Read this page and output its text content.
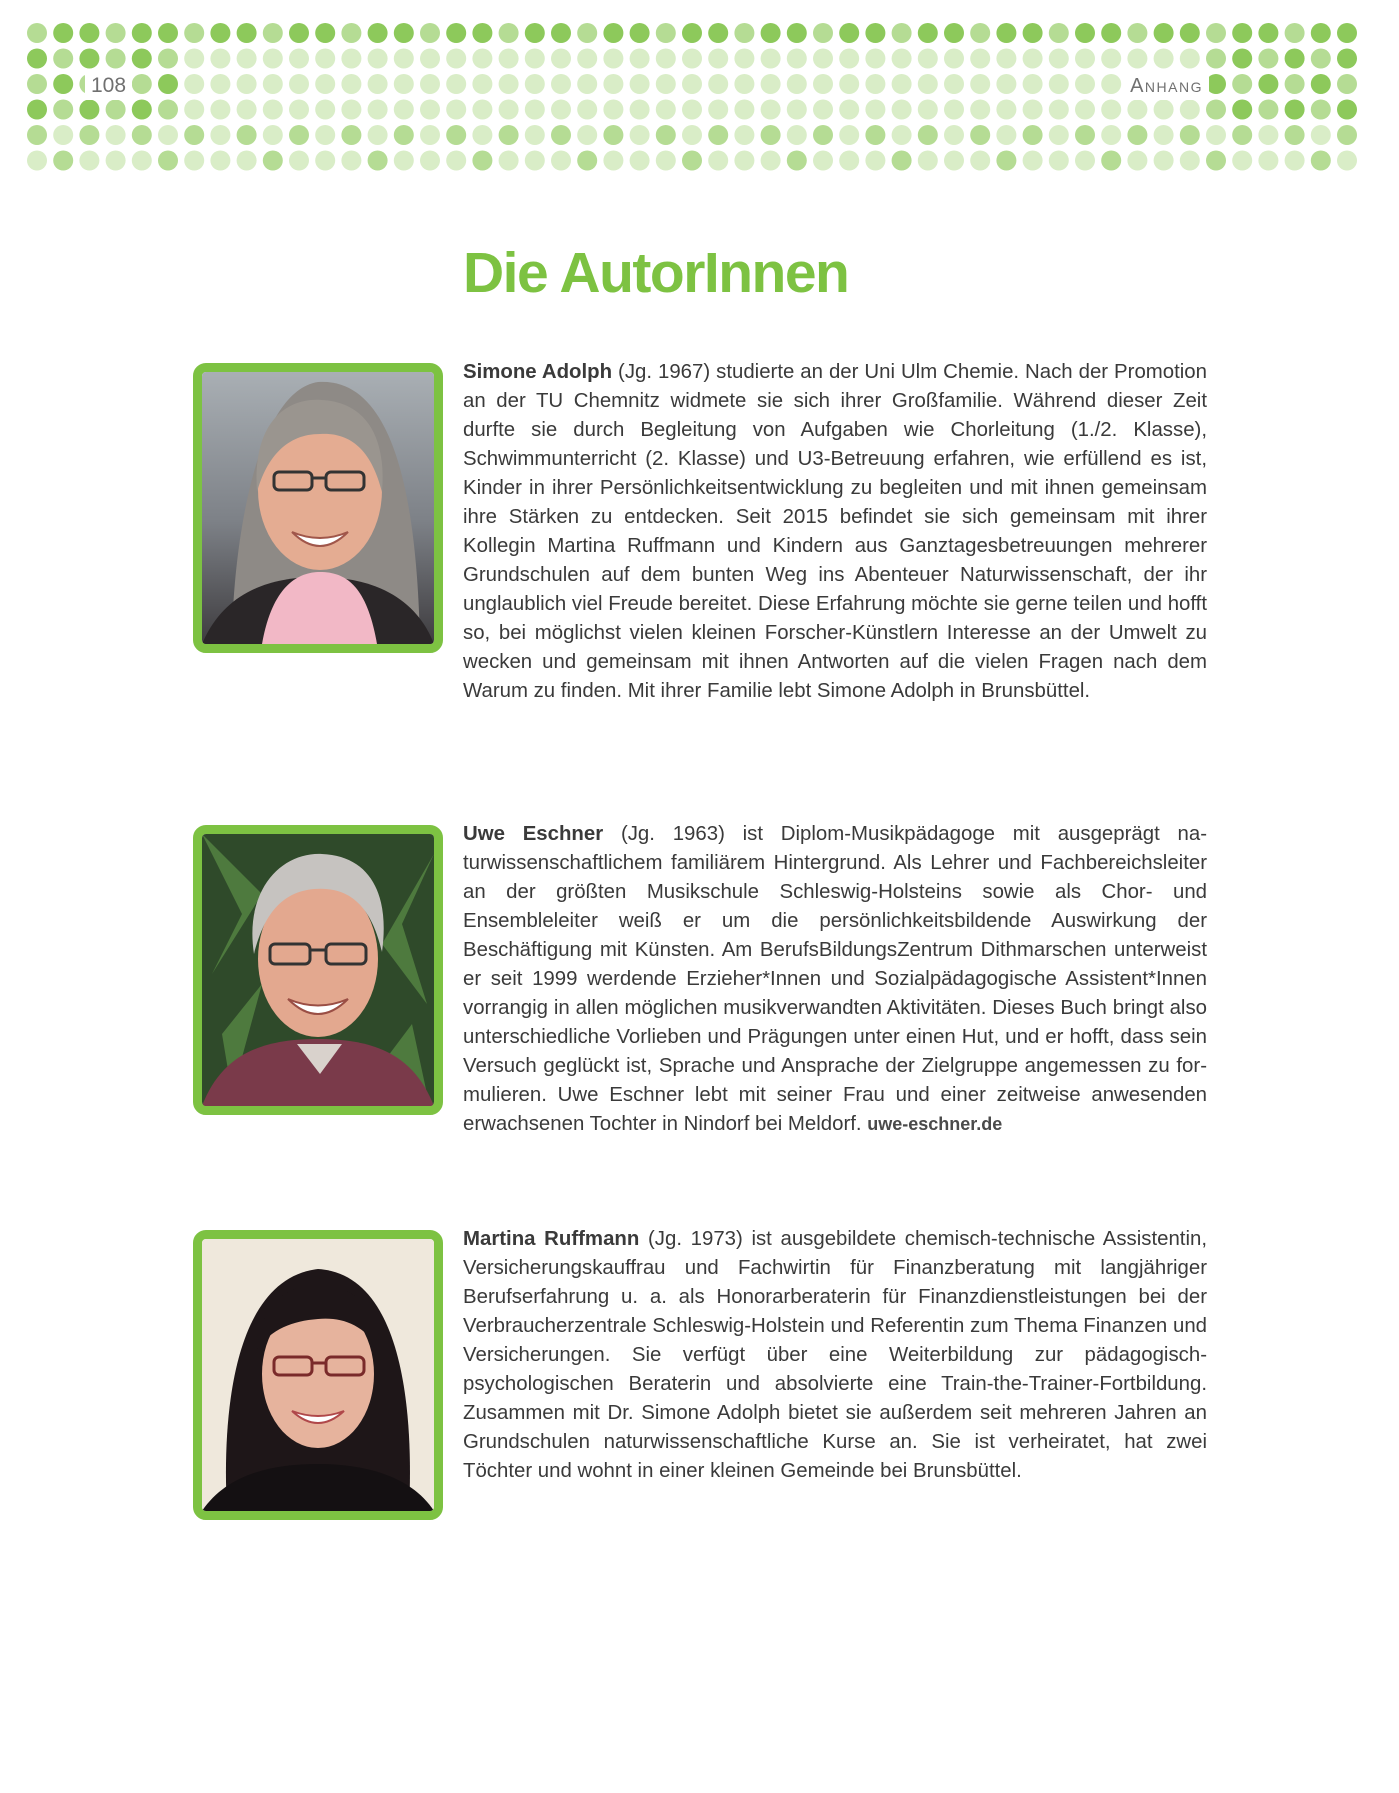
108	Anhang
Die AutorInnen

Simone Adolph (Jg. 1967) studierte an der Uni Ulm Chemie. Nach der Promotion an der TU Chemnitz widmete sie sich ihrer Großfamilie. Während dieser Zeit durfte sie durch Begleitung von Aufgaben wie Chorleitung (1./2. Klasse), Schwimmunterricht (2. Klasse) und U3-Betreuung erfahren, wie erfüllend es ist, Kinder in ihrer Persönlichkeitsentwicklung zu begleiten und mit ihnen gemeinsam ihre Stärken zu entdecken. Seit 2015 befindet sie sich gemeinsam mit ihrer Kollegin Martina Ruffmann und Kindern aus Ganztagesbetreuungen mehrerer Grundschulen auf dem bunten Weg ins Abenteuer Naturwissenschaft, der ihr unglaublich viel Freude bereitet. Diese Erfahrung möchte sie gerne teilen und hofft so, bei möglichst vielen kleinen Forscher-Künstlern Interesse an der Umwelt zu wecken und gemeinsam mit ihnen Antworten auf die vielen Fragen nach dem Warum zu finden. Mit ihrer Familie lebt Simone Adolph in Brunsbüttel.

Uwe Eschner (Jg. 1963) ist Diplom-Musikpädagoge mit ausgeprägt naturwissenschaftlichem familiärem Hintergrund. Als Lehrer und Fachbereichsleiter an der größten Musikschule Schleswig-Holsteins sowie als Chor- und Ensembleleiter weiß er um die persönlichkeitsbildende Auswirkung der Beschäftigung mit Künsten. Am BerufsBildungsZentrum Dithmarschen unterweist er seit 1999 werdende Erzieher*Innen und Sozialpädagogische Assistent*Innen vorrangig in allen möglichen musikverwandten Aktivitäten. Dieses Buch bringt also unterschiedliche Vorlieben und Prägungen unter einen Hut, und er hofft, dass sein Versuch geglückt ist, Sprache und Ansprache der Zielgruppe angemessen zu formulieren. Uwe Eschner lebt mit seiner Frau und einer zeitweise anwesenden erwachsenen Tochter in Nindorf bei Meldorf. uwe-eschner.de

Martina Ruffmann (Jg. 1973) ist ausgebildete chemisch-technische Assistentin, Versicherungskauffrau und Fachwirtin für Finanzberatung mit langjähriger Berufserfahrung u. a. als Honorarberaterin für Finanzdienstleistungen bei der Verbraucherzentrale Schleswig-Holstein und Referentin zum Thema Finanzen und Versicherungen. Sie verfügt über eine Weiterbildung zur pädagogisch-psychologischen Beraterin und absolvierte eine Train-the-Trainer-Fortbildung. Zusammen mit Dr. Simone Adolph bietet sie außerdem seit mehreren Jahren an Grundschulen naturwissenschaftliche Kurse an. Sie ist verheiratet, hat zwei Töchter und wohnt in einer kleinen Gemeinde bei Brunsbüttel.
